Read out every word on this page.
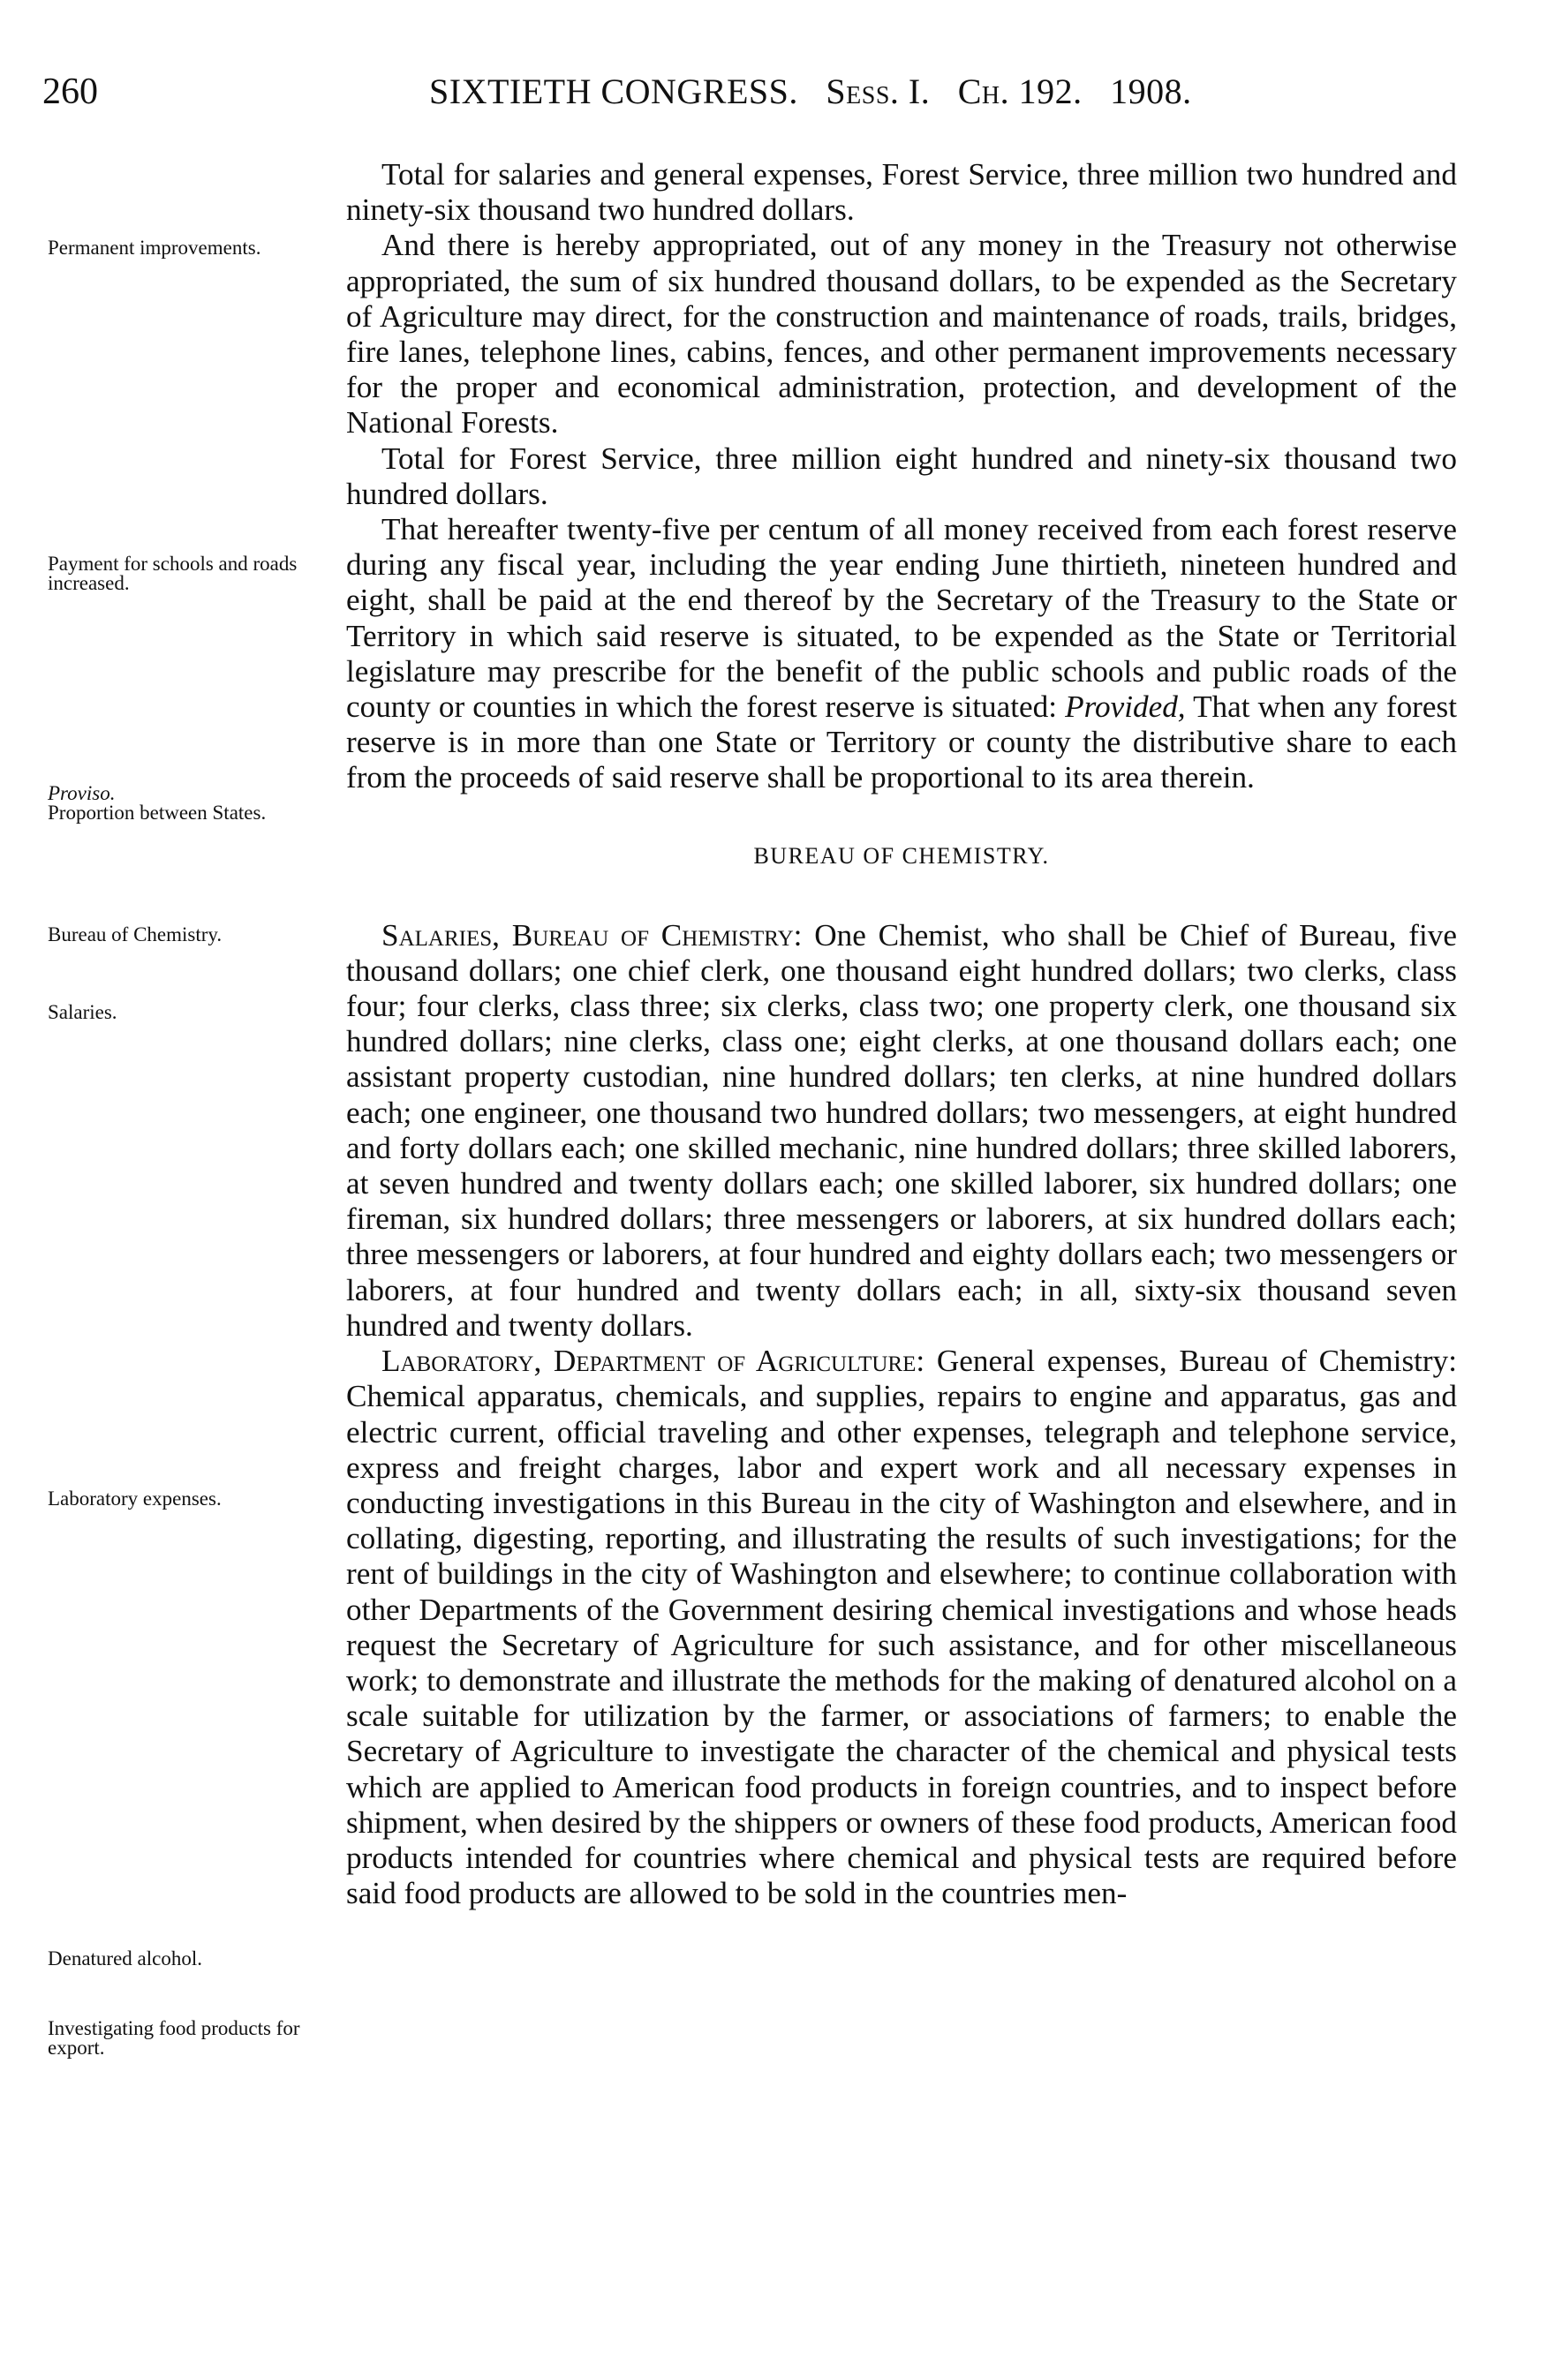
260	SIXTIETH CONGRESS. Sess. I. Ch. 192. 1908.
Permanent improvements.
Payment for schools and roads increased.
Proviso.
Proportion between States.
Bureau of Chemistry.
Salaries.
Laboratory expenses.
Denatured alcohol.
Investigating food products for export.

Total for salaries and general expenses, Forest Service, three million two hundred and ninety-six thousand two hundred dollars.

And there is hereby appropriated, out of any money in the Treasury not otherwise appropriated, the sum of six hundred thousand dollars, to be expended as the Secretary of Agriculture may direct, for the construction and maintenance of roads, trails, bridges, fire lanes, telephone lines, cabins, fences, and other permanent improvements necessary for the proper and economical administration, protection, and development of the National Forests.

Total for Forest Service, three million eight hundred and ninety-six thousand two hundred dollars.

That hereafter twenty-five per centum of all money received from each forest reserve during any fiscal year, including the year ending June thirtieth, nineteen hundred and eight, shall be paid at the end thereof by the Secretary of the Treasury to the State or Territory in which said reserve is situated, to be expended as the State or Territorial legislature may prescribe for the benefit of the public schools and public roads of the county or counties in which the forest reserve is situated: Provided, That when any forest reserve is in more than one State or Territory or county the distributive share to each from the proceeds of said reserve shall be proportional to its area therein.

BUREAU OF CHEMISTRY.

Salaries, Bureau of Chemistry: One Chemist, who shall be Chief of Bureau, five thousand dollars; one chief clerk, one thousand eight hundred dollars; two clerks, class four; four clerks, class three; six clerks, class two; one property clerk, one thousand six hundred dollars; nine clerks, class one; eight clerks, at one thousand dollars each; one assistant property custodian, nine hundred dollars; ten clerks, at nine hundred dollars each; one engineer, one thousand two hundred dollars; two messengers, at eight hundred and forty dollars each; one skilled mechanic, nine hundred dollars; three skilled laborers, at seven hundred and twenty dollars each; one skilled laborer, six hundred dollars; one fireman, six hundred dollars; three messengers or laborers, at six hundred dollars each; three messengers or laborers, at four hundred and eighty dollars each; two messengers or laborers, at four hundred and twenty dollars each; in all, sixty-six thousand seven hundred and twenty dollars.

Laboratory, Department of Agriculture: General expenses, Bureau of Chemistry: Chemical apparatus, chemicals, and supplies, repairs to engine and apparatus, gas and electric current, official traveling and other expenses, telegraph and telephone service, express and freight charges, labor and expert work and all necessary expenses in conducting investigations in this Bureau in the city of Washington and elsewhere, and in collating, digesting, reporting, and illustrating the results of such investigations; for the rent of buildings in the city of Washington and elsewhere; to continue collaboration with other Departments of the Government desiring chemical investigations and whose heads request the Secretary of Agriculture for such assistance, and for other miscellaneous work; to demonstrate and illustrate the methods for the making of denatured alcohol on a scale suitable for utilization by the farmer, or associations of farmers; to enable the Secretary of Agriculture to investigate the character of the chemical and physical tests which are applied to American food products in foreign countries, and to inspect before shipment, when desired by the shippers or owners of these food products, American food products intended for countries where chemical and physical tests are required before said food products are allowed to be sold in the countries men-
